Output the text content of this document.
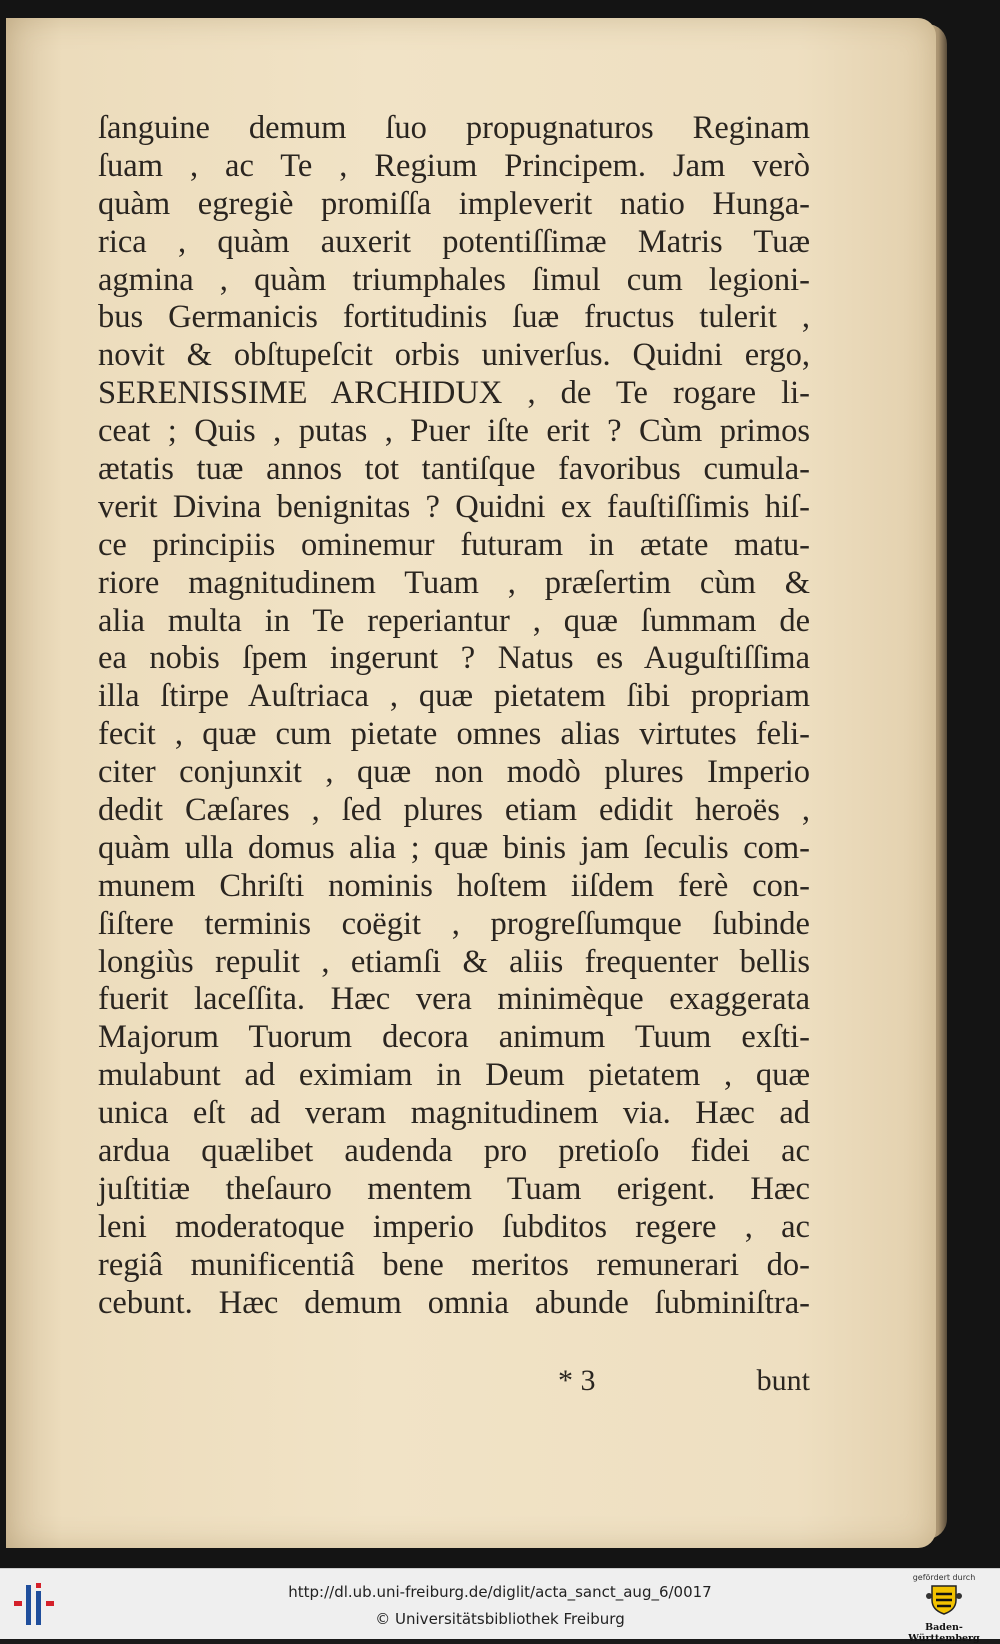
ſanguine demum ſuo propugnaturos Reginam
ſuam , ac Te , Regium Principem. Jam verò
quàm egregiè promiſſa impleverit natio Hunga-
rica , quàm auxerit potentiſſimæ Matris Tuæ
agmina , quàm triumphales ſimul cum legioni-
bus Germanicis fortitudinis ſuæ fructus tulerit ,
novit & obſtupeſcit orbis univerſus. Quidni ergo,
SERENISSIME ARCHIDUX , de Te rogare li-
ceat ; Quis , putas , Puer iſte erit ? Cùm primos
ætatis tuæ annos tot tantiſque favoribus cumula-
verit Divina benignitas ? Quidni ex fauſtiſſimis hiſ-
ce principiis ominemur futuram in ætate matu-
riore magnitudinem Tuam , præſertim cùm &
alia multa in Te reperiantur , quæ ſummam de
ea nobis ſpem ingerunt ? Natus es Auguſtiſſima
illa ſtirpe Auſtriaca , quæ pietatem ſibi propriam
fecit , quæ cum pietate omnes alias virtutes feli-
citer conjunxit , quæ non modò plures Imperio
dedit Cæſares , ſed plures etiam edidit heroës ,
quàm ulla domus alia ; quæ binis jam ſeculis com-
munem Chriſti nominis hoſtem iiſdem ferè con-
ſiſtere terminis coëgit , progreſſumque ſubinde
longiùs repulit , etiamſi & aliis frequenter bellis
fuerit laceſſita. Hæc vera minimèque exaggerata
Majorum Tuorum decora animum Tuum exſti-
mulabunt ad eximiam in Deum pietatem , quæ
unica eſt ad veram magnitudinem via. Hæc ad
ardua quælibet audenda pro pretioſo fidei ac
juſtitiæ theſauro mentem Tuam erigent. Hæc
leni moderatoque imperio ſubditos regere , ac
regiâ munificentiâ bene meritos remunerari do-
cebunt. Hæc demum omnia abunde ſubminiſtra-
* 3	bunt
http://dl.ub.uni-freiburg.de/diglit/acta_sanct_aug_6/0017
© Universitätsbibliothek Freiburg
gefördert durch
Baden-Württemberg
